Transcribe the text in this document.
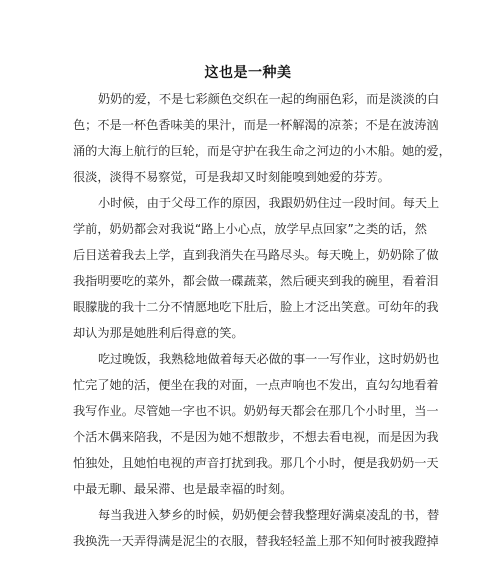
这也是一种美
奶奶的爱，不是七彩颜色交织在一起的绚丽色彩，而是淡淡的白
色；不是一杯色香味美的果汁，而是一杯解渴的凉茶；不是在波涛汹
涌的大海上航行的巨轮，而是守护在我生命之河边的小木船。她的爱，
很淡，淡得不易察觉，可是我却又时刻能嗅到她爱的芬芳。
小时候，由于父母工作的原因，我跟奶奶住过一段时间。每天上
学前，奶奶都会对我说“路上小心点，放学早点回家”之类的话，然
后目送着我去上学，直到我消失在马路尽头。每天晚上，奶奶除了做
我指明要吃的菜外，都会做一碟蔬菜，然后硬夹到我的碗里，看着泪
眼朦胧的我十二分不情愿地吃下肚后，脸上才泛出笑意。可幼年的我
却认为那是她胜利后得意的笑。
吃过晚饭，我熟稔地做着每天必做的事一一写作业，这时奶奶也
忙完了她的活，便坐在我的对面，一点声响也不发出，直勾勾地看着
我写作业。尽管她一字也不识。奶奶每天都会在那几个小时里，当一
个活木偶来陪我，不是因为她不想散步，不想去看电视，而是因为我
怕独处，且她怕电视的声音打扰到我。那几个小时，便是我奶奶一天
中最无聊、最呆滞、也是最幸福的时刻。
每当我进入梦乡的时候，奶奶便会替我整理好满桌凌乱的书，替
我换洗一天弄得满是泥尘的衣服，替我轻轻盖上那不知何时被我蹬掉
